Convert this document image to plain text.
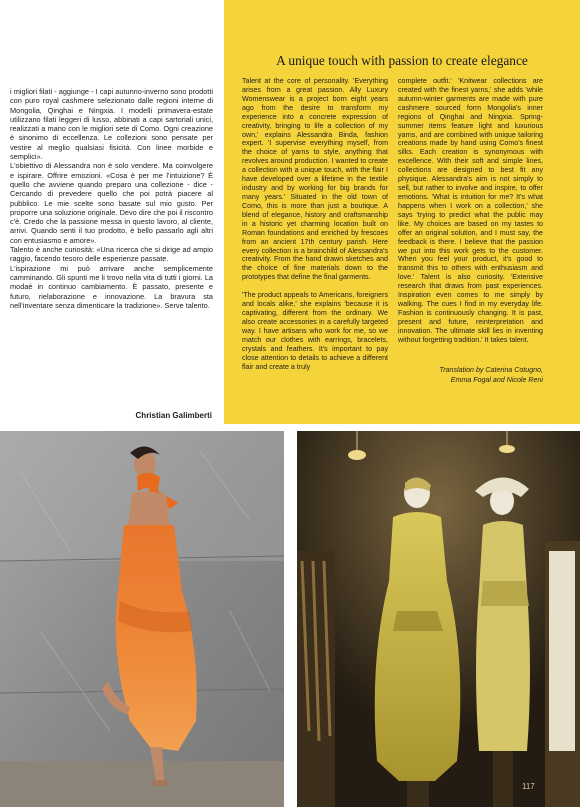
A unique touch with passion to create elegance

i migliori filati - aggiunge - I capi autunno-inverno sono prodotti con puro royal cashmere selezionato dalle regioni interne di Mongolia, Qinghai e Ningxia. I modelli primavera-estate utilizzano filati leggeri di lusso, abbinati a capi sartoriali unici, realizzati a mano con le migliori sete di Como. Ogni creazione è sinonimo di eccellenza. Le collezioni sono pensate per vestire al meglio qualsiasi fisicità. Con linee morbide e semplici».

L'obiettivo di Alessandra non è solo vendere. Ma coinvolgere e ispirare. Offrire emozioni. «Cosa è per me l'intuizione? È quello che avviene quando preparo una collezione - dice - Cercando di prevedere quello che poi potrà piacere al pubblico. Le mie scelte sono basate sul mio gusto. Per proporre una soluzione originale. Devo dire che poi il riscontro c'è. Credo che la passione messa in questo lavoro, al cliente, arrivi. Quando senti il tuo prodotto, è bello passarlo agli altri con entusiasmo e amore».

Talento è anche curiosità: «Una ricerca che si dirige ad ampio raggio, facendo tesoro delle esperienze passate.

L'ispirazione mi può arrivare anche semplicemente camminando. Gli spunti me li trovo nella vita di tutti i giorni. La modaè in continuo cambiamento. È passato, presente e futuro, rielaborazione e innovazione. La bravura sta nell'inventare senza dimenticare la tradizione». Serve talento.

Christian Galimberti

Talent at the core of personality. 'Everything arises from a great passion. Ally Luxury Womenswear is a project born eight years ago from the desire to transform my experience into a concrete expression of creativity, bringing to life a collection of my own,' explains Alessandra Binda, fashion expert. 'I supervise everything myself, from the choice of yarns to style, anything that revolves around production. I wanted to create a collection with a unique touch, with the flair I have developed over a lifetime in the textile industry and by working for big brands for many years.' Situated in the old town of Como, this is more than just a boutique. A blend of elegance, history and craftsmanship in a historic yet charming location built on Roman foundations and enriched by frescoes from an ancient 17th century parish. Here every collection is a brainchild of Alessandra's creativity. From the hand drawn sketches and the choice of fine materials down to the prototypes that define the final garments.

'The product appeals to Americans, foreigners and locals alike,' she explains 'because it is captivating, different from the ordinary. We also create accessories in a carefully targeted way. I have artisans who work for me, so we match our clothes with earrings, bracelets, crystals and feathers. It's important to pay close attention to details to achieve a different flair and create a truly

complete outfit.' 'Knitwear collections are created with the finest yarns,' she adds 'while autumn-winter garments are made with pure cashmere sourced form Mongolia's inner regions of Qinghai and Ningxia. Spring-summer items feature light and luxurious yarns, and are combined with unique tailoring creations made by hand using Como's finest silks. Each creation is synonymous with excellence. With their soft and simple lines, collections are designed to best fit any physique. Alessandra's aim is not simply to sell, but rather to involve and inspire, to offer emotions. 'What is intuition for me? It's what happens when I work on a collection,' she says 'trying to predict what the public may like. My choices are based on my tastes to offer an original solution, and I must say, the feedback is there. I believe that the passion we put into this work gets to the customer. When you feel your product, it's good to transmit this to others with enthusiasm and love.' Talent is also curiosity. 'Extensive research that draws from past experiences. Inspiration even comes to me simply by walking. The cues I find in my everyday life. Fashion is continuously changing. It is past, present and future, reinterpretation and innovation. The ultimate skill lies in inventing without forgetting tradition.' It takes talent.

Translation by Caterina Cotugno,
Emma Fogal and Nicole Reni
117
